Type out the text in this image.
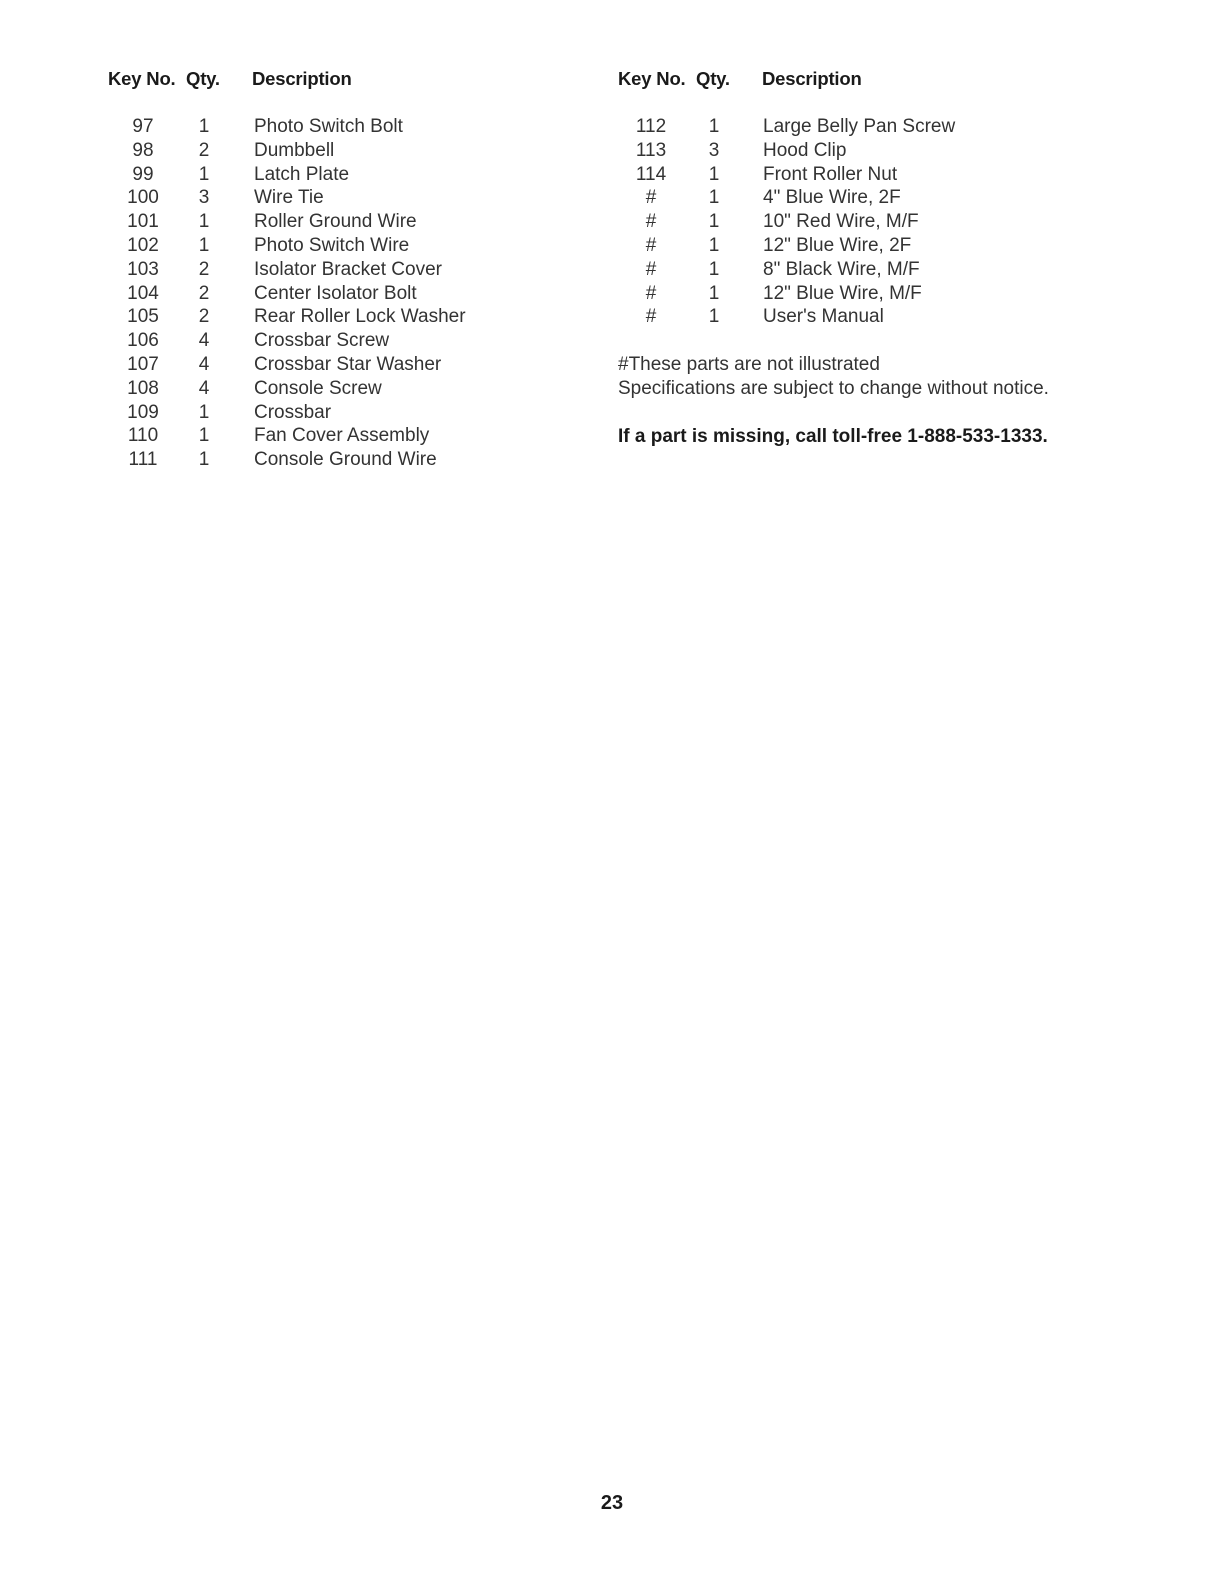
Key No. Qty. Description
97	1	Photo Switch Bolt
98	2	Dumbbell
99	1	Latch Plate
100	3	Wire Tie
101	1	Roller Ground Wire
102	1	Photo Switch Wire
103	2	Isolator Bracket Cover
104	2	Center Isolator Bolt
105	2	Rear Roller Lock Washer
106	4	Crossbar Screw
107	4	Crossbar Star Washer
108	4	Console Screw
109	1	Crossbar
110	1	Fan Cover Assembly
111	1	Console Ground Wire
Key No. Qty. Description
112	1	Large Belly Pan Screw
113	3	Hood Clip
114	1	Front Roller Nut
#	1	4" Blue Wire, 2F
#	1	10" Red Wire, M/F
#	1	12" Blue Wire, 2F
#	1	8" Black Wire, M/F
#	1	12" Blue Wire, M/F
#	1	User's Manual
#These parts are not illustrated
Specifications are subject to change without notice.
If a part is missing, call toll-free 1-888-533-1333.
23
